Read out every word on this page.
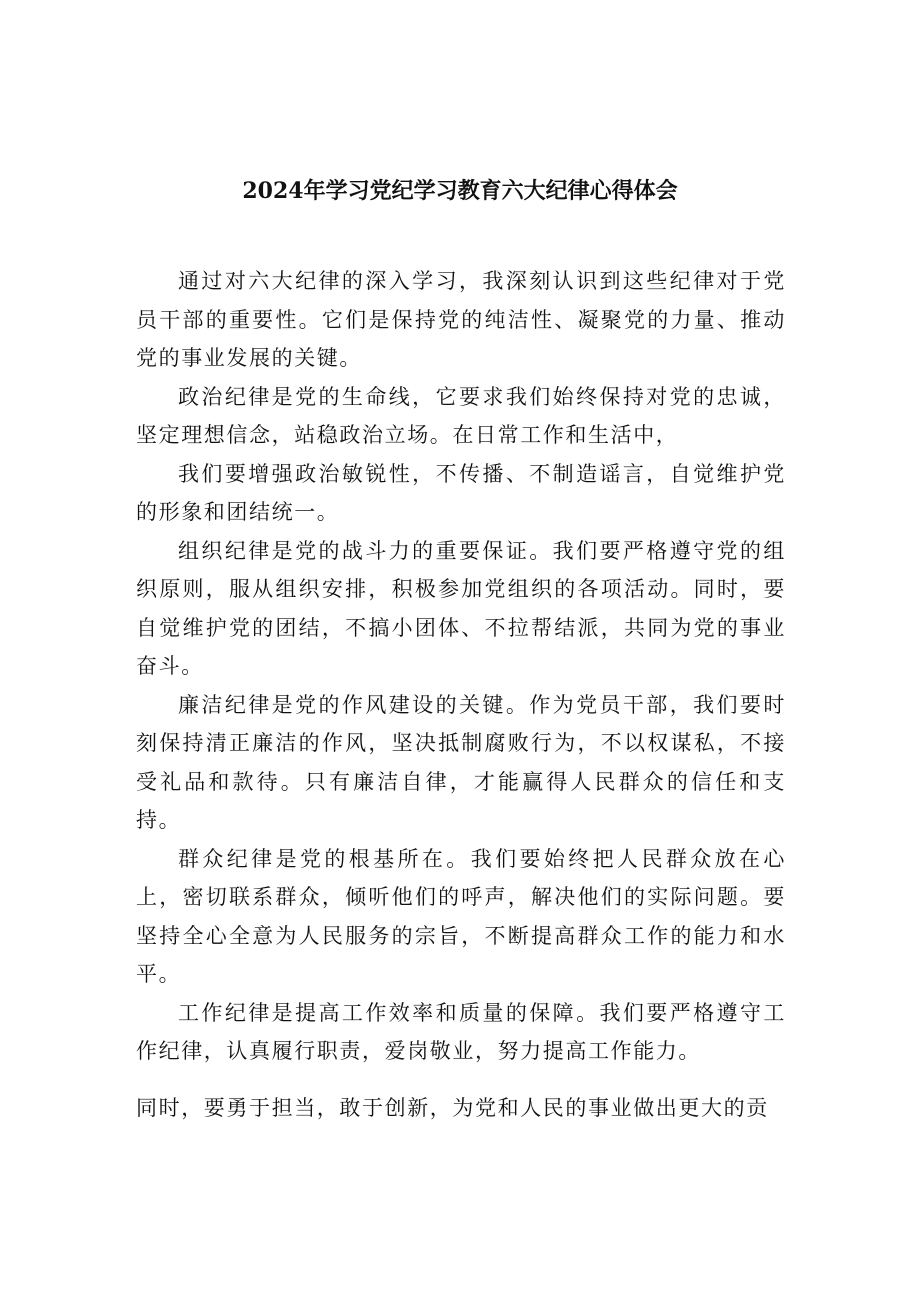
2024年学习党纪学习教育六大纪律心得体会

通过对六大纪律的深入学习，我深刻认识到这些纪律对于党员干部的重要性。它们是保持党的纯洁性、凝聚党的力量、推动党的事业发展的关键。

政治纪律是党的生命线，它要求我们始终保持对党的忠诚，坚定理想信念，站稳政治立场。在日常工作和生活中，

我们要增强政治敏锐性，不传播、不制造谣言，自觉维护党的形象和团结统一。

组织纪律是党的战斗力的重要保证。我们要严格遵守党的组织原则，服从组织安排，积极参加党组织的各项活动。同时，要自觉维护党的团结，不搞小团体、不拉帮结派，共同为党的事业奋斗。

廉洁纪律是党的作风建设的关键。作为党员干部，我们要时刻保持清正廉洁的作风，坚决抵制腐败行为，不以权谋私，不接受礼品和款待。只有廉洁自律，才能赢得人民群众的信任和支持。

群众纪律是党的根基所在。我们要始终把人民群众放在心上，密切联系群众，倾听他们的呼声，解决他们的实际问题。要坚持全心全意为人民服务的宗旨，不断提高群众工作的能力和水平。

工作纪律是提高工作效率和质量的保障。我们要严格遵守工作纪律，认真履行职责，爱岗敬业，努力提高工作能力。

同时，要勇于担当，敢于创新，为党和人民的事业做出更大的贡
